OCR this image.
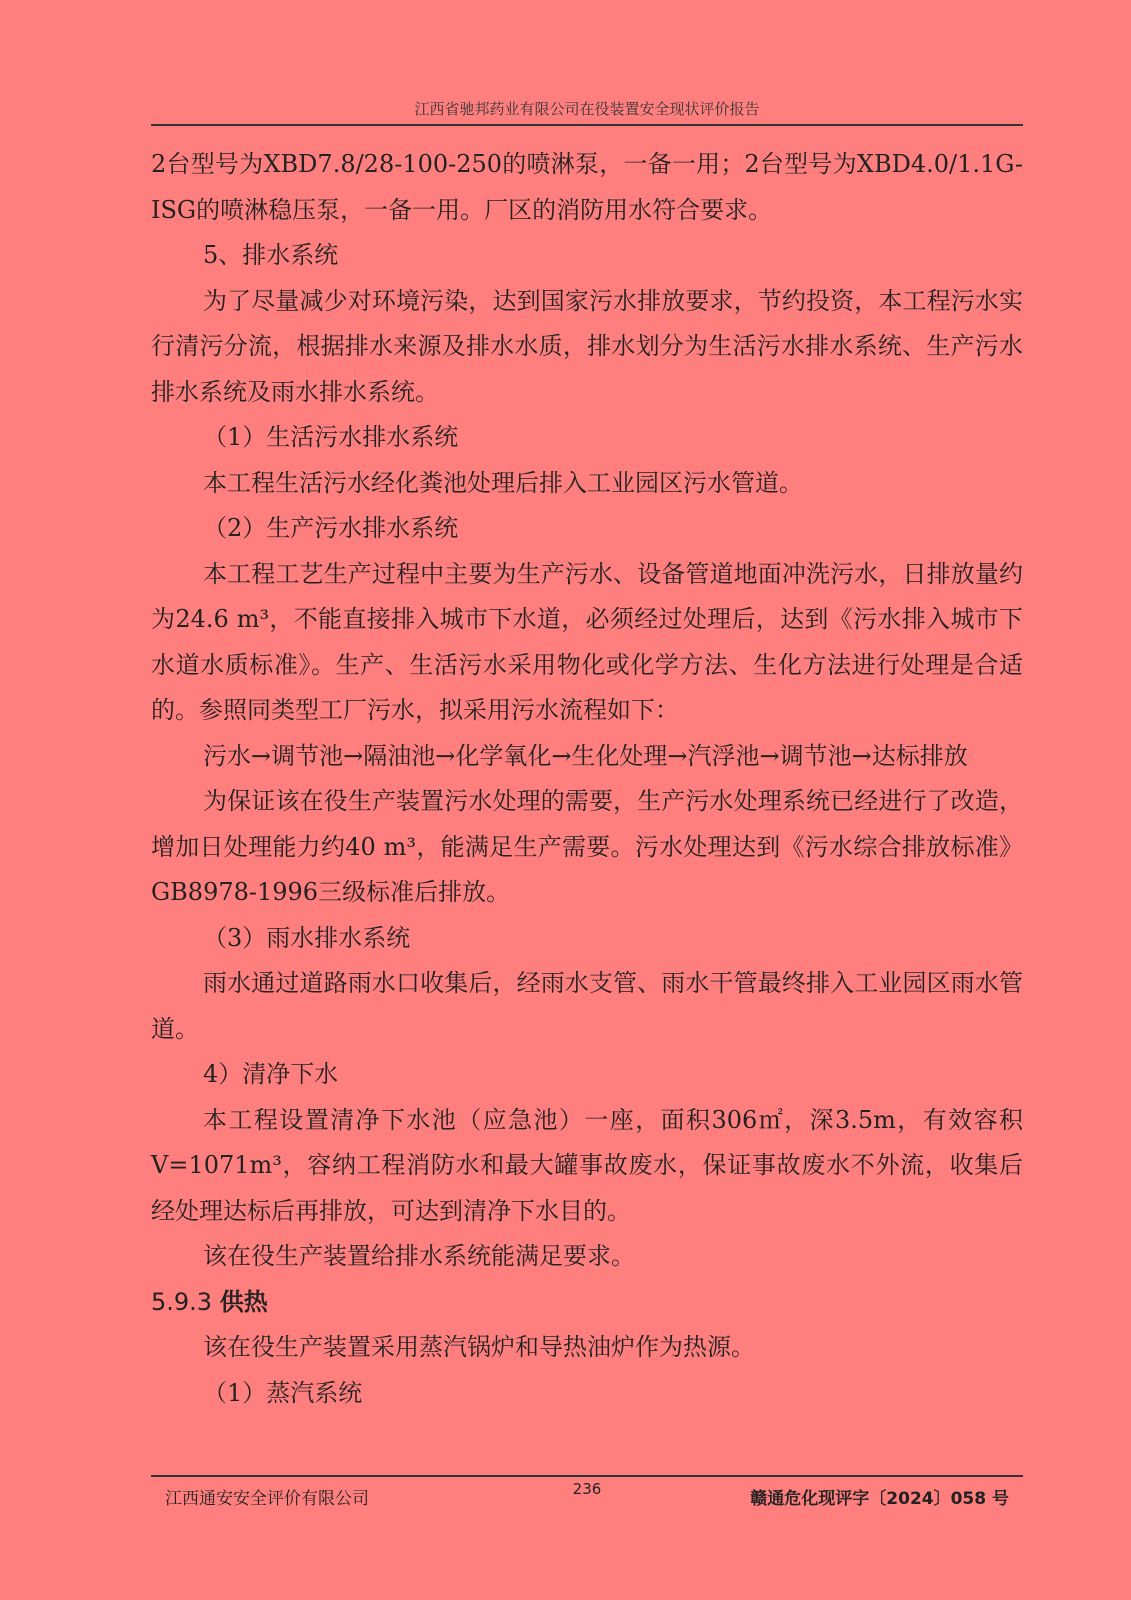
江西省驰邦药业有限公司在役装置安全现状评价报告

2台型号为XBD7.8/28-100-250的喷淋泵，一备一用；2台型号为XBD4.0/1.1G-ISG的喷淋稳压泵，一备一用。厂区的消防用水符合要求。

5、排水系统

为了尽量减少对环境污染，达到国家污水排放要求，节约投资，本工程污水实行清污分流，根据排水来源及排水水质，排水划分为生活污水排水系统、生产污水排水系统及雨水排水系统。

（1）生活污水排水系统

本工程生活污水经化粪池处理后排入工业园区污水管道。

（2）生产污水排水系统

本工程工艺生产过程中主要为生产污水、设备管道地面冲洗污水，日排放量约为24.6 m³，不能直接排入城市下水道，必须经过处理后，达到《污水排入城市下水道水质标准》。生产、生活污水采用物化或化学方法、生化方法进行处理是合适的。参照同类型工厂污水，拟采用污水流程如下：

污水→调节池→隔油池→化学氧化→生化处理→汽浮池→调节池→达标排放

为保证该在役生产装置污水处理的需要，生产污水处理系统已经进行了改造，增加日处理能力约40 m³，能满足生产需要。污水处理达到《污水综合排放标准》GB8978-1996三级标准后排放。

（3）雨水排水系统

雨水通过道路雨水口收集后，经雨水支管、雨水干管最终排入工业园区雨水管道。

4）清净下水

本工程设置清净下水池（应急池）一座，面积306㎡，深3.5m，有效容积V=1071m³，容纳工程消防水和最大罐事故废水，保证事故废水不外流，收集后经处理达标后再排放，可达到清净下水目的。

该在役生产装置给排水系统能满足要求。

5.9.3 供热

该在役生产装置采用蒸汽锅炉和导热油炉作为热源。

（1）蒸汽系统

江西通安安全评价有限公司	236	赣通危化现评字〔2024〕058 号
